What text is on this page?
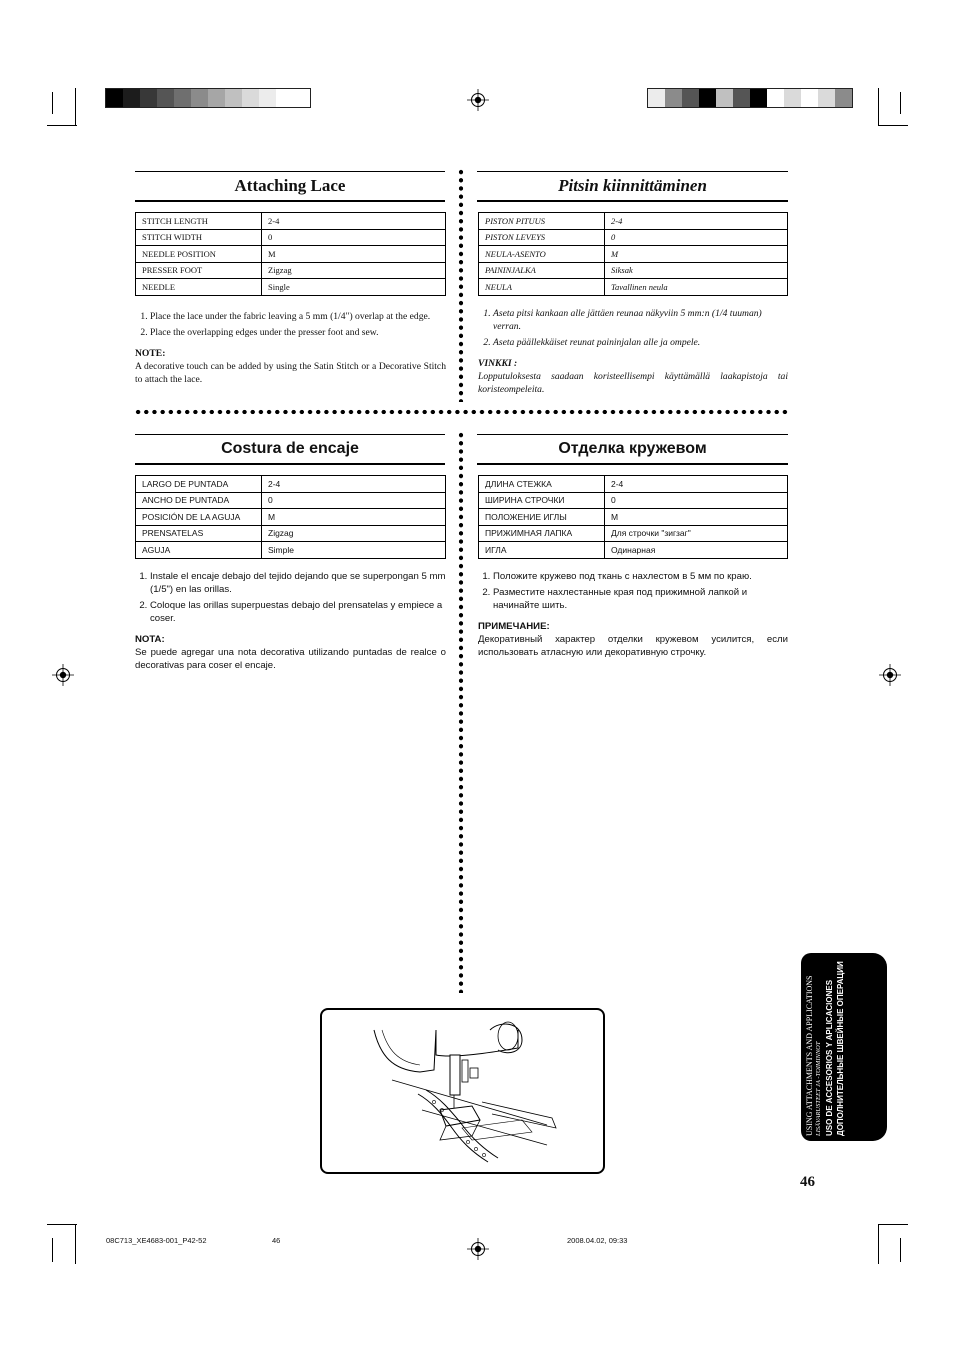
Attaching Lace
STITCH LENGTH	2-4
STITCH WIDTH	0
NEEDLE POSITION	M
PRESSER FOOT	Zigzag
NEEDLE	Single
1. Place the lace under the fabric leaving a 5 mm (1/4") overlap at the edge.
2. Place the overlapping edges under the presser foot and sew.
NOTE:

A decorative touch can be added by using the Satin Stitch or a Decorative Stitch to attach the lace.

Pitsin kiinnittäminen
PISTON PITUUS	2-4
PISTON LEVEYS	0
NEULA-ASENTO	M
PAININJALKA	Siksak
NEULA	Tavallinen neula
1. Aseta pitsi kankaan alle jättäen reunaa näkyviin 5 mm:n (1/4 tuuman) verran.
2. Aseta päällekkäiset reunat paininjalan alle ja ompele.
VINKKI :

Lopputuloksesta saadaan koristeellisempi käyttämällä laakapistoja tai koristeompeleita.

Costura de encaje
LARGO DE PUNTADA	2-4
ANCHO DE PUNTADA	0
POSICIÓN DE LA AGUJA	M
PRENSATELAS	Zigzag
AGUJA	Simple
1. Instale el encaje debajo del tejido dejando que se superpongan 5 mm (1/5") en las orillas.
2. Coloque las orillas superpuestas debajo del prensatelas y empiece a coser.
NOTA:

Se puede agregar una nota decorativa utilizando puntadas de realce o decorativas para coser el encaje.

Отделка кружевом
ДЛИНА СТЕЖКА	2-4
ШИРИНА СТРОЧКИ	0
ПОЛОЖЕНИЕ ИГЛЫ	M
ПРИЖИМНАЯ ЛАПКА	Для строчки "зигзаг"
ИГЛА	Одинарная
1. Положите кружево под ткань с нахлестом в 5 мм по краю.
2. Разместите нахлестанные края под прижимной лапкой и начинайте шить.
ПРИМЕЧАНИЕ:

Декоративный характер отделки кружевом усилится, если использовать атласную или декоративную строчку.

USING ATTACHMENTS AND APPLICATIONS LISÄVARUSTEET JA -TOIMINNOT USO DE ACCESORIOS Y APLICACIONES ДОПОЛНИТЕЛЬНЫЕ ШВЕЙНЫЕ ОПЕРАЦИИ
46
08C713_XE4683-001_P42-52	46	2008.04.02, 09:33
